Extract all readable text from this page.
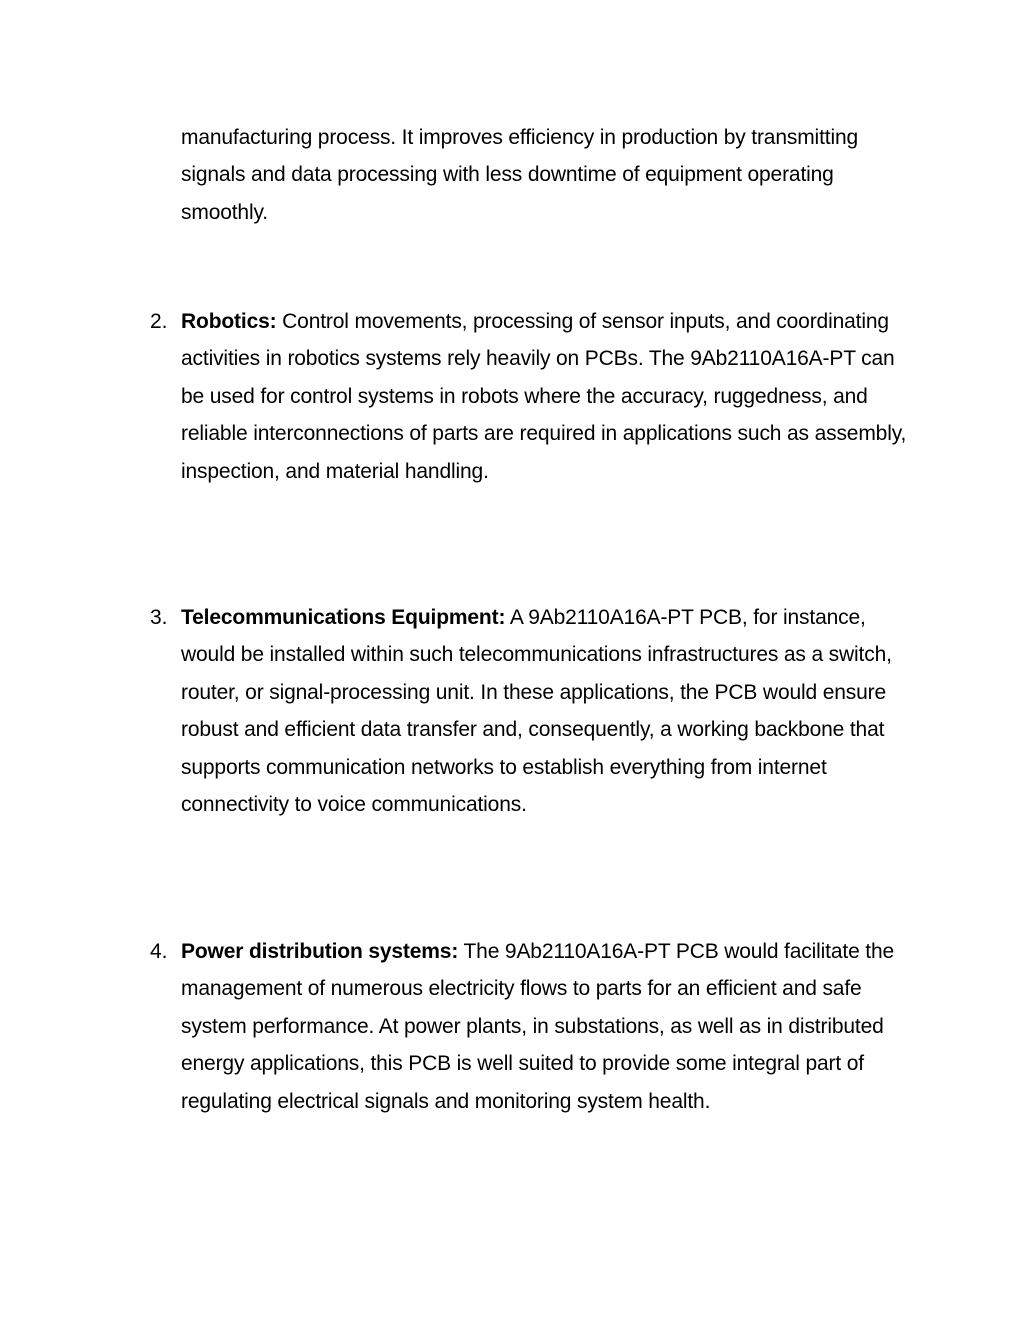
manufacturing process. It improves efficiency in production by transmitting signals and data processing with less downtime of equipment operating smoothly.

2. Robotics: Control movements, processing of sensor inputs, and coordinating activities in robotics systems rely heavily on PCBs. The 9Ab2110A16A-PT can be used for control systems in robots where the accuracy, ruggedness, and reliable interconnections of parts are required in applications such as assembly, inspection, and material handling.

3. Telecommunications Equipment: A 9Ab2110A16A-PT PCB, for instance, would be installed within such telecommunications infrastructures as a switch, router, or signal-processing unit. In these applications, the PCB would ensure robust and efficient data transfer and, consequently, a working backbone that supports communication networks to establish everything from internet connectivity to voice communications.

4. Power distribution systems: The 9Ab2110A16A-PT PCB would facilitate the management of numerous electricity flows to parts for an efficient and safe system performance. At power plants, in substations, as well as in distributed energy applications, this PCB is well suited to provide some integral part of regulating electrical signals and monitoring system health.
